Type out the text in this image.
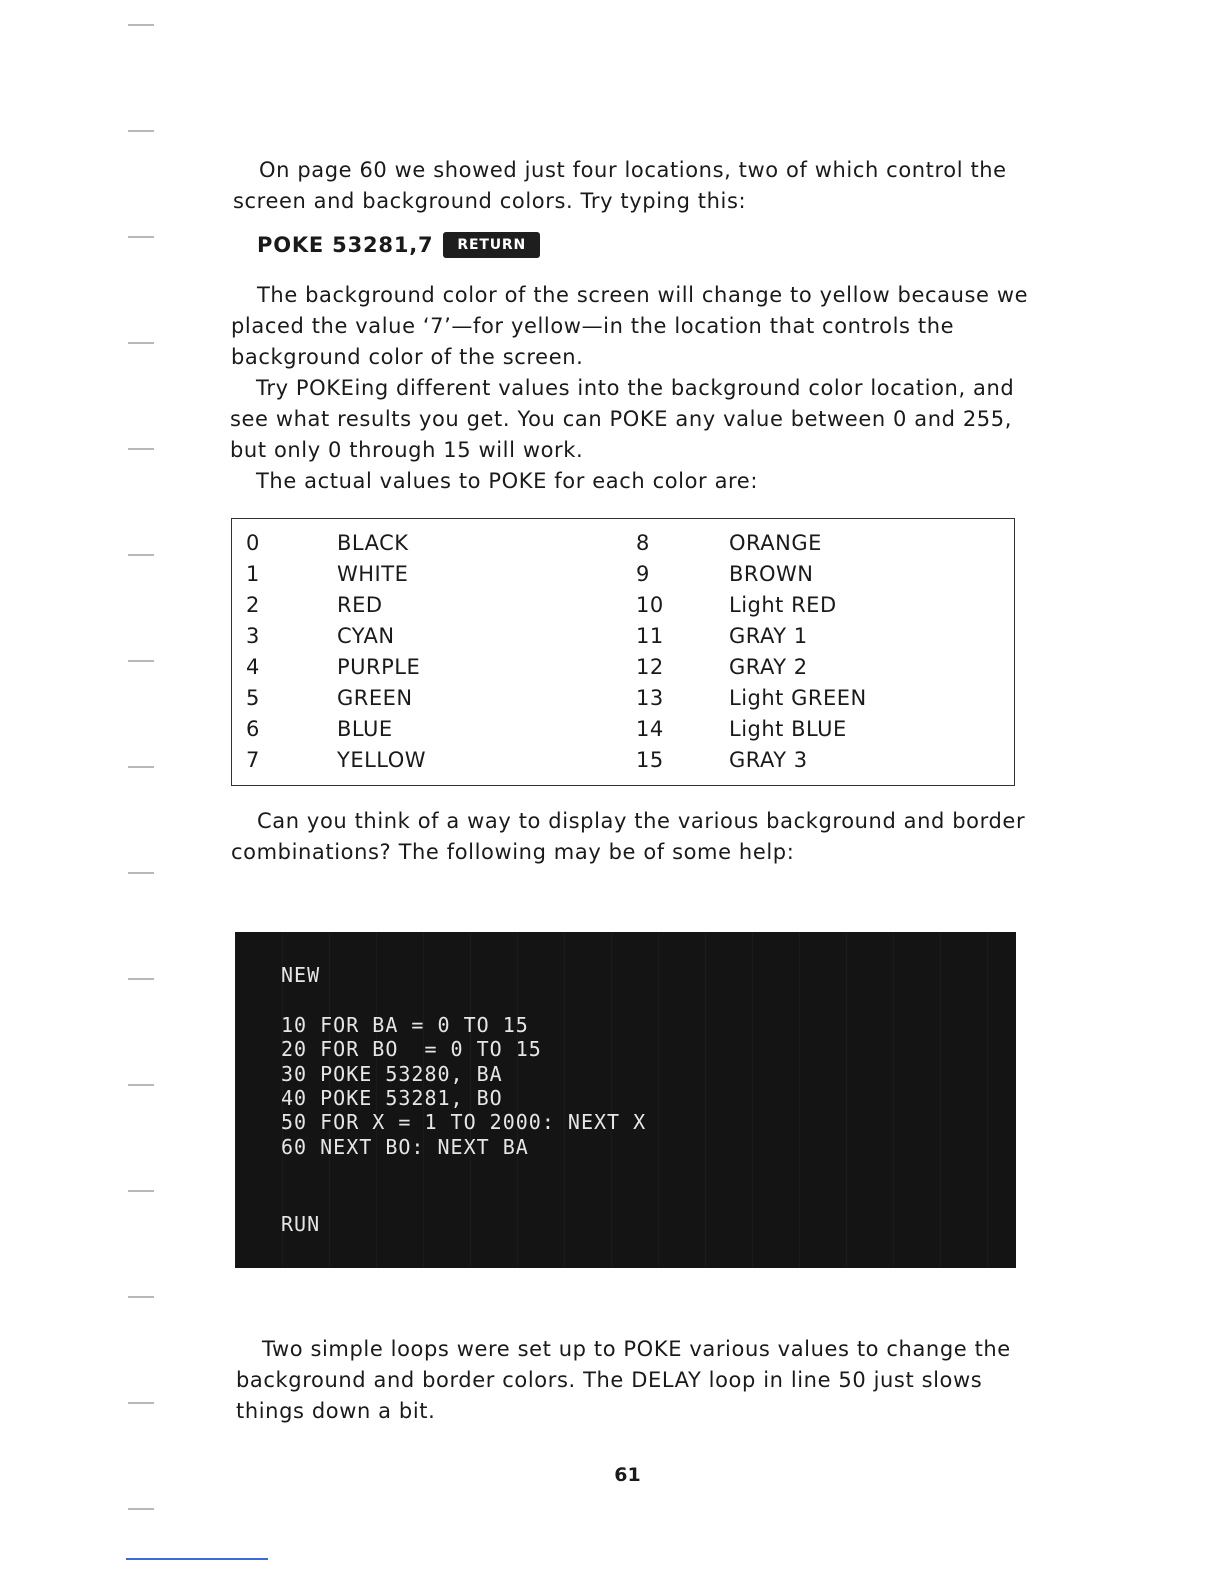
On page 60 we showed just four locations, two of which control the
screen and background colors. Try typing this:
POKE 53281,7	RETURN
The background color of the screen will change to yellow because we
placed the value ‘7’—for yellow—in the location that controls the
background color of the screen.
Try POKEing different values into the background color location, and
see what results you get. You can POKE any value between 0 and 255,
but only 0 through 15 will work.
The actual values to POKE for each color are:
0	BLACK	8	ORANGE
1	WHITE	9	BROWN
2	RED	10	Light RED
3	CYAN	11	GRAY 1
4	PURPLE	12	GRAY 2
5	GREEN	13	Light GREEN
6	BLUE	14	Light BLUE
7	YELLOW	15	GRAY 3
Can you think of a way to display the various background and border
combinations? The following may be of some help:
NEW
10 FOR BA = 0 TO 15
20 FOR BO  = 0 TO 15
30 POKE 53280, BA
40 POKE 53281, BO
50 FOR X = 1 TO 2000: NEXT X
60 NEXT BO: NEXT BA
RUN
Two simple loops were set up to POKE various values to change the
background and border colors. The DELAY loop in line 50 just slows
things down a bit.
61
